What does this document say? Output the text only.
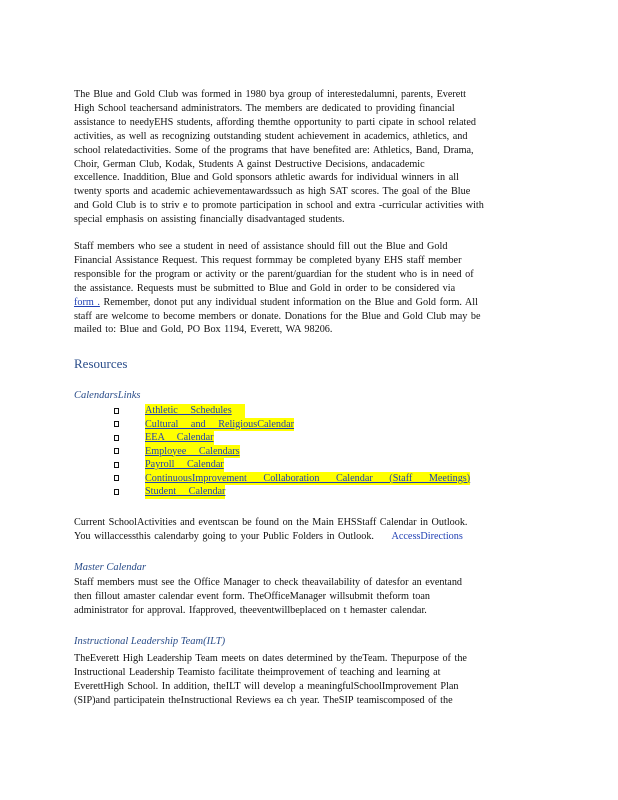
The Blue and Gold Club was formed in 1980 bya group of interestedalumni, parents, Everett
High School teachersand administrators. The members are dedicated to providing financial
assistance to needyEHS students, affording themthe opportunity to parti cipate in school related
activities, as well as recognizing outstanding student achievement in academics, athletics, and
school relatedactivities. Some of the programs that have benefited are: Athletics, Band, Drama,
Choir, German Club, Kodak, Students A gainst Destructive Decisions, andacademic
excellence. Inaddition, Blue and Gold sponsors athletic awards for individual winners in all
twenty sports and academic achievementawardssuch as high SAT scores. The goal of the Blue
and Gold Club is to striv e to promote participation in school and extra -curricular activities with
special emphasis on assisting financially disadvantaged students.

Staff members who see a student in need of assistance should fill out the Blue and Gold
Financial Assistance Request. This request formmay be completed byany EHS staff member
responsible for the program or activity or the parent/guardian for the student who is in need of
the assistance. Requests must be submitted to Blue and Gold in order to be considered via
form . Remember, donot put any individual student information on the Blue and Gold form. All
staff are welcome to become members or donate. Donations for the Blue and Gold Club may be
mailed to: Blue and Gold, PO Box 1194, Everett, WA 98206.

Resources

CalendarsLinks

Athletic Schedules
Cultural and ReligiousCalendar
EEA Calendar
Employee Calendars
Payroll Calendar
ContinuousImprovement Collaboration Calendar (Staff Meetings)
Student Calendar

Current SchoolActivities and eventscan be found on the Main EHSStaff Calendar in Outlook.
You willaccessthis calendarby going to your Public Folders in Outlook. AccessDirections

Master Calendar

Staff members must see the Office Manager to check theavailability of datesfor an eventand
then fillout amaster calendar event form. TheOfficeManager willsubmit theform toan
administrator for approval. Ifapproved, theeventwillbeplaced on t hemaster calendar.

Instructional Leadership Team(ILT)

TheEverett High Leadership Team meets on dates determined by theTeam. Thepurpose of the
Instructional Leadership Teamisto facilitate theimprovement of teaching and learning at
EverettHigh School. In addition, theILT will develop a meaningfulSchoolImprovement Plan
(SIP)and participatein theInstructional Reviews ea ch year. TheSIP teamiscomposed of the
